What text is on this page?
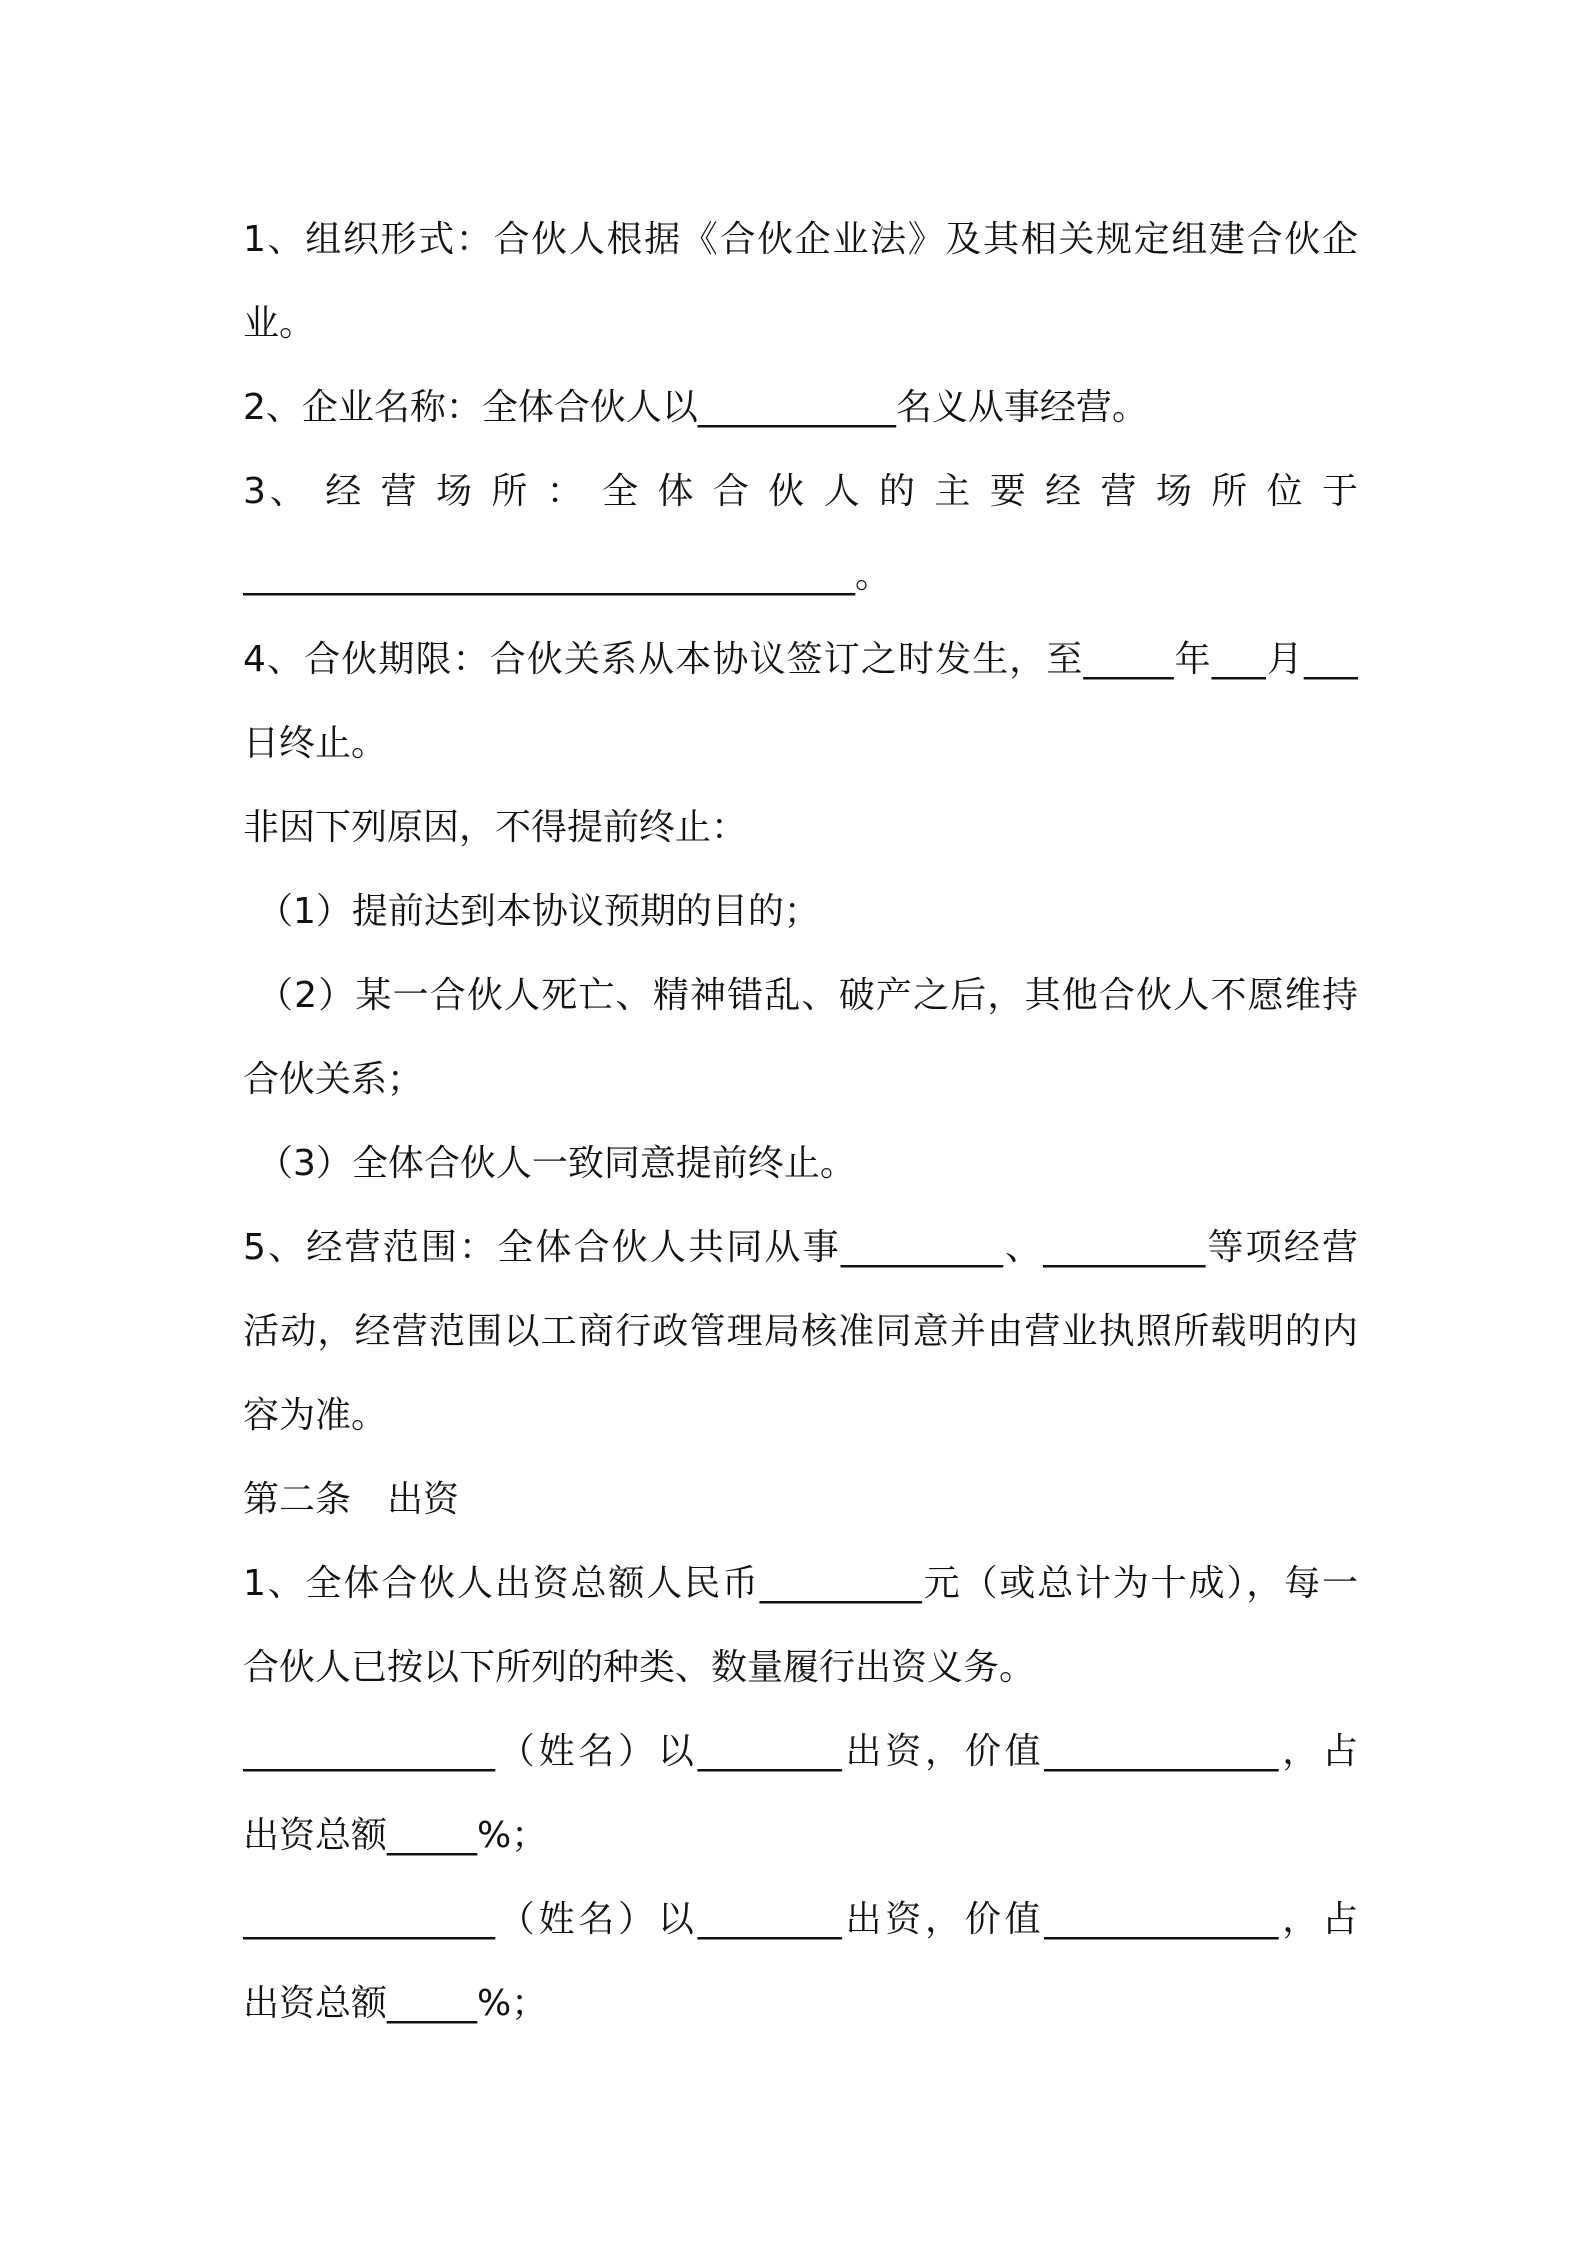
1、组织形式：合伙人根据《合伙企业法》及其相关规定组建合伙企
业。
2、企业名称：全体合伙人以___________名义从事经营。
3、 经 营 场 所 ： 全 体 合 伙 人 的 主 要 经 营 场 所 位 于
__________________________________。
4、合伙期限：合伙关系从本协议签订之时发生，至_____年___月___
日终止。
非因下列原因，不得提前终止：
（1）提前达到本协议预期的目的；
（2）某一合伙人死亡、精神错乱、破产之后，其他合伙人不愿维持
合伙关系；
（3）全体合伙人一致同意提前终止。
5、经营范围：全体合伙人共同从事_________、_________等项经营
活动，经营范围以工商行政管理局核准同意并由营业执照所载明的内
容为准。
第二条　出资
1、全体合伙人出资总额人民币_________元（或总计为十成），每一
合伙人已按以下所列的种类、数量履行出资义务。
______________（姓名）以________出资，价值_____________，占
出资总额_____%；
______________（姓名）以________出资，价值_____________，占
出资总额_____%；
